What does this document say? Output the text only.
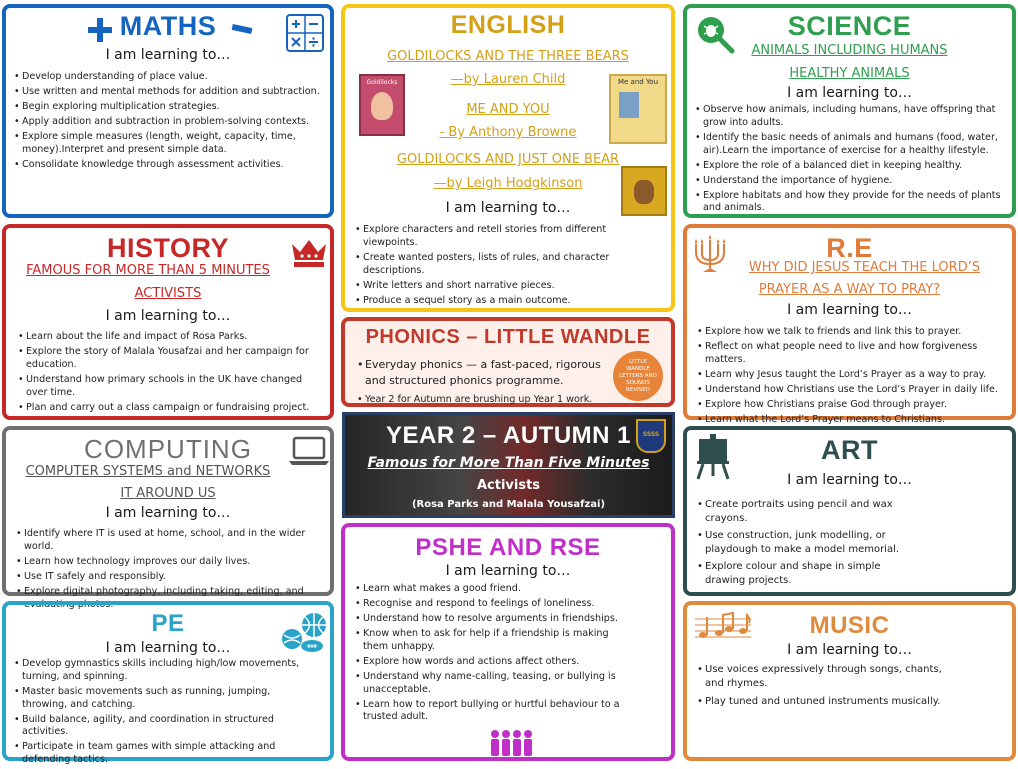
MATHS
I am learning to…
• Develop understanding of place value.
• Use written and mental methods for addition and subtraction.
• Begin exploring multiplication strategies.
• Apply addition and subtraction in problem-solving contexts.
• Explore simple measures (length, weight, capacity, time, money).Interpret and present simple data.
• Consolidate knowledge through assessment activities.
ENGLISH
GOLDILOCKS AND THE THREE BEARS
—by Lauren Child
ME AND YOU
- By Anthony Browne
GOLDILOCKS AND JUST ONE BEAR
—by Leigh Hodgkinson
Goldilocks	Me and You
I am learning to…
• Explore characters and retell stories from different viewpoints.
• Create wanted posters, lists of rules, and character descriptions.
• Write letters and short narrative pieces.
• Produce a sequel story as a main outcome.
SCIENCE
ANIMALS INCLUDING HUMANS
HEALTHY ANIMALS
I am learning to…
• Observe how animals, including humans, have offspring that grow into adults.
• Identify the basic needs of animals and humans (food, water, air).Learn the importance of exercise for a healthy lifestyle.
• Explore the role of a balanced diet in keeping healthy.
• Understand the importance of hygiene.
• Explore habitats and how they provide for the needs of plants and animals.
HISTORY
FAMOUS FOR MORE THAN 5 MINUTES
ACTIVISTS
I am learning to…
• Learn about the life and impact of Rosa Parks.
• Explore the story of Malala Yousafzai and her campaign for education.
• Understand how primary schools in the UK have changed over time.
• Plan and carry out a class campaign or fundraising project.
R.E
WHY DID JESUS TEACH THE LORD’S
PRAYER AS A WAY TO PRAY?
I am learning to…
• Explore how we talk to friends and link this to prayer.
• Reflect on what people need to live and how forgiveness matters.
• Learn why Jesus taught the Lord’s Prayer as a way to pray.
• Understand how Christians use the Lord’s Prayer in daily life.
• Explore how Christians praise God through prayer.
• Learn what the Lord’s Prayer means to Christians.
PHONICS – LITTLE WANDLE
• Everyday phonics — a fast-paced, rigorous and structured phonics programme.
• Year 2 for Autumn are brushing up Year 1 work.
LITTLE WANDLE LETTERS AND SOUNDS REVISED
YEAR 2 – AUTUMN 1
Famous for More Than Five Minutes
Activists
(Rosa Parks and Malala Yousafzai)
SSSS
COMPUTING
COMPUTER SYSTEMS and NETWORKS
IT AROUND US
I am learning to…
• Identify where IT is used at home, school, and in the wider world.
• Learn how technology improves our daily lives.
• Use IT safely and responsibly.
• Explore digital photography, including taking, editing, and evaluating photos.
ART
I am learning to…
• Create portraits using pencil and wax crayons.
• Use construction, junk modelling, or playdough to make a model memorial.
• Explore colour and shape in simple drawing projects.
PE
I am learning to…
• Develop gymnastics skills including high/low movements, turning, and spinning.
• Master basic movements such as running, jumping, throwing, and catching.
• Build balance, agility, and coordination in structured activities.
• Participate in team games with simple attacking and defending tactics.
PSHE AND RSE
I am learning to…
• Learn what makes a good friend.
• Recognise and respond to feelings of loneliness.
• Understand how to resolve arguments in friendships.
• Know when to ask for help if a friendship is making them unhappy.
• Explore how words and actions affect others.
• Understand why name-calling, teasing, or bullying is unacceptable.
• Learn how to report bullying or hurtful behaviour to a trusted adult.
MUSIC
I am learning to…
• Use voices expressively through songs, chants, and rhymes.
• Play tuned and untuned instruments musically.
